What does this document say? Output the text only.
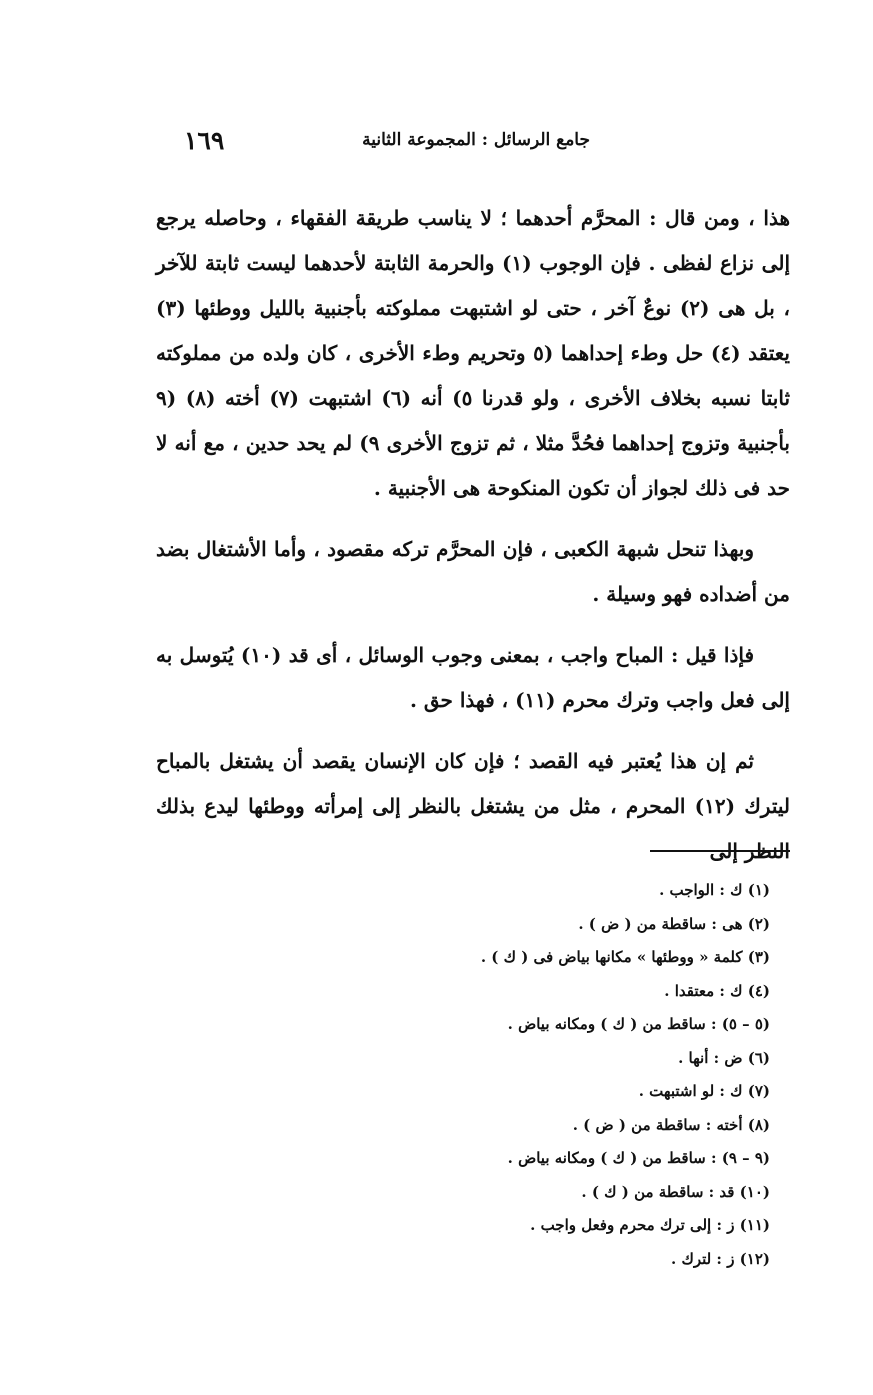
جامع الرسائل : المجموعة الثانية
١٦٩

هذا ، ومن قال : المحرَّم أحدهما ؛ لا يناسب طريقة الفقهاء ، وحاصله يرجع إلى نزاع لفظى . فإن الوجوب (١) والحرمة الثابتة لأحدهما ليست ثابتة للآخر ، بل هى (٢) نوعٌ آخر ، حتى لو اشتبهت مملوكته بأجنبية بالليل ووطئها (٣) يعتقد (٤) حل وطء إحداهما (٥ وتحريم وطء الأخرى ، كان ولده من مملوكته ثابتا نسبه بخلاف الأخرى ، ولو قدرنا ٥) أنه (٦) اشتبهت (٧) أخته (٨) (٩ بأجنبية وتزوج إحداهما فحُدَّ مثلا ، ثم تزوج الأخرى ٩) لم يحد حدين ، مع أنه لا حد فى ذلك لجواز أن تكون المنكوحة هى الأجنبية .

وبهذا تنحل شبهة الكعبى ، فإن المحرَّم تركه مقصود ، وأما الأشتغال بضد من أضداده فهو وسيلة .

فإذا قيل : المباح واجب ، بمعنى وجوب الوسائل ، أى قد (١٠) يُتوسل به إلى فعل واجب وترك محرم (١١) ، فهذا حق .

ثم إن هذا يُعتبر فيه القصد ؛ فإن كان الإنسان يقصد أن يشتغل بالمباح ليترك (١٢) المحرم ، مثل من يشتغل بالنظر إلى إمرأته ووطئها ليدع بذلك النظر إلى

(١) ك : الواجب .
(٢) هى : ساقطة من ( ض ) .
(٣) كلمة « ووطئها » مكانها بياض فى ( ك ) .
(٤) ك : معتقدا .
(٥ – ٥) : ساقط من ( ك ) ومكانه بياض .
(٦) ض : أنها .
(٧) ك : لو اشتبهت .
(٨) أخته : ساقطة من ( ض ) .
(٩ – ٩) : ساقط من ( ك ) ومكانه بياض .
(١٠) قد : ساقطة من ( ك ) .
(١١) ز : إلى ترك محرم وفعل واجب .
(١٢) ز : لترك .
